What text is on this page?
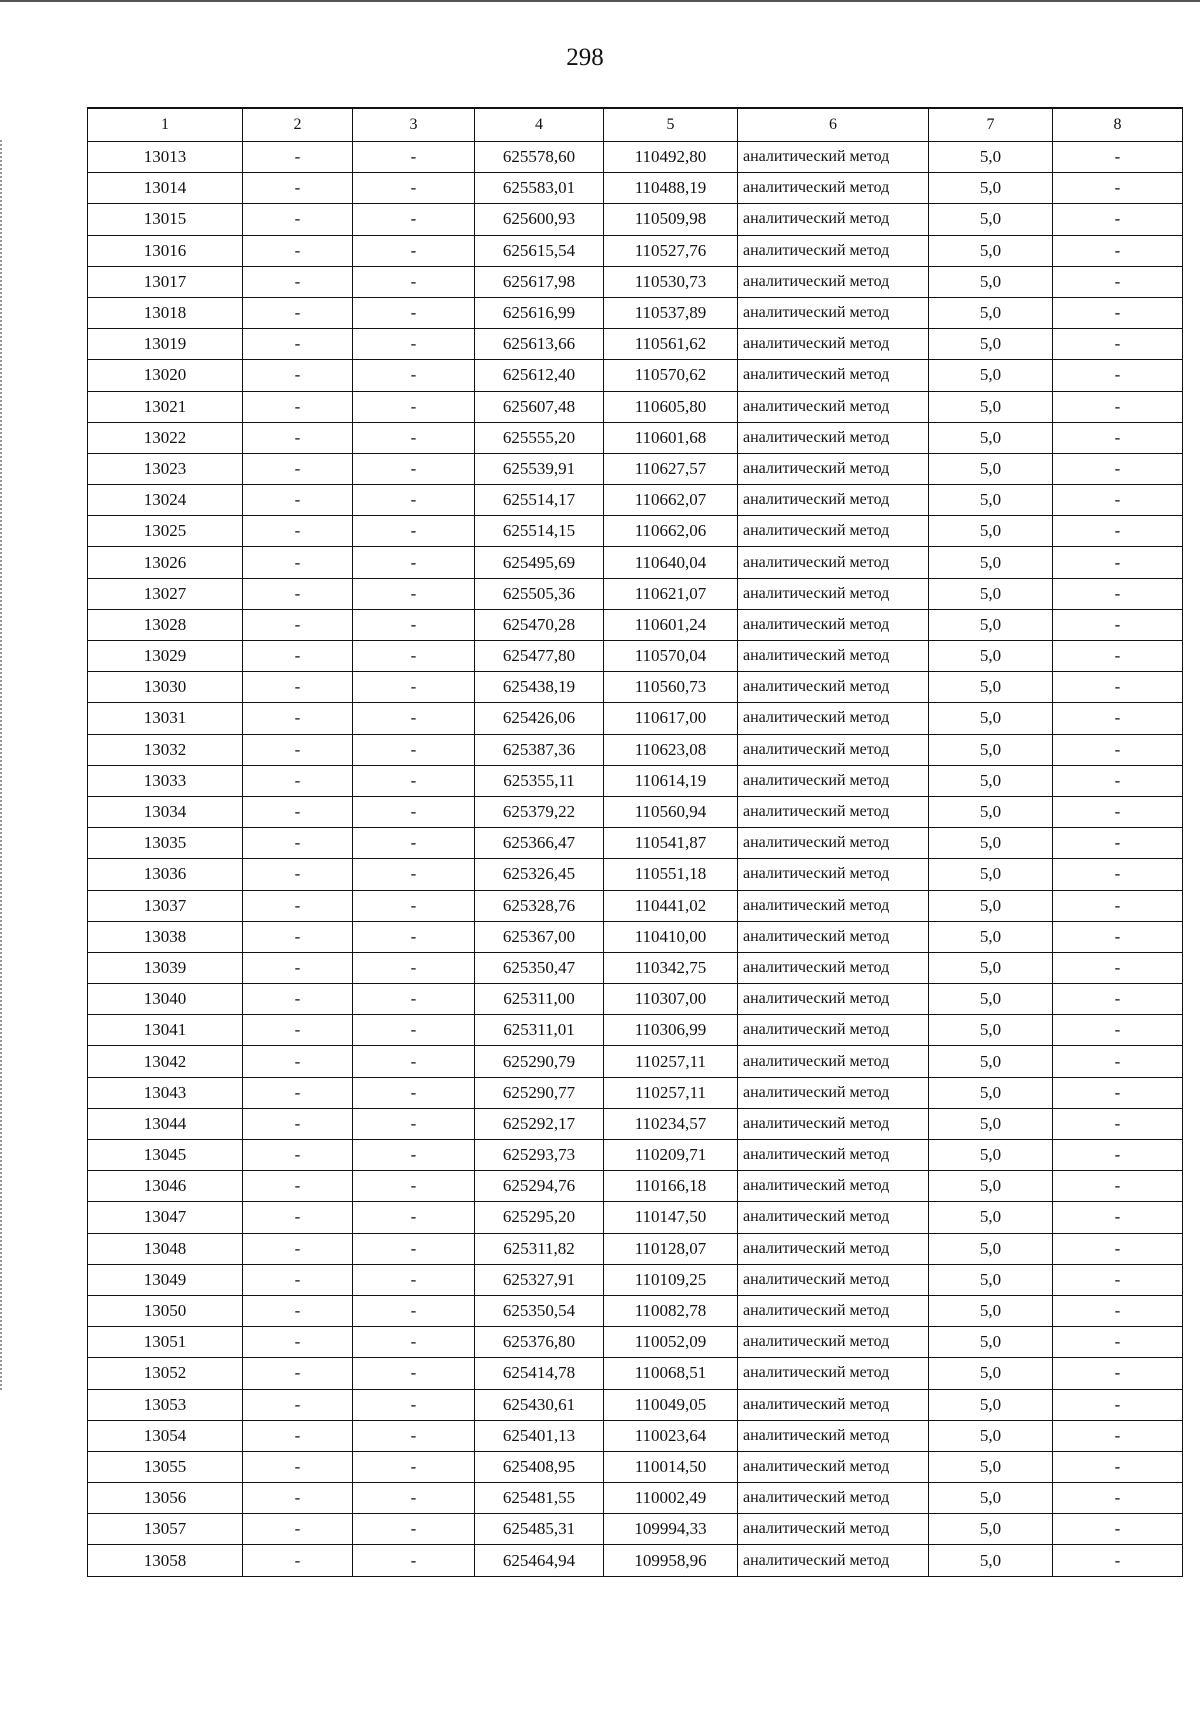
298
1	2	3	4	5	6	7	8
13013	-	-	625578,60	110492,80	аналитический метод	5,0	-
13014	-	-	625583,01	110488,19	аналитический метод	5,0	-
13015	-	-	625600,93	110509,98	аналитический метод	5,0	-
13016	-	-	625615,54	110527,76	аналитический метод	5,0	-
13017	-	-	625617,98	110530,73	аналитический метод	5,0	-
13018	-	-	625616,99	110537,89	аналитический метод	5,0	-
13019	-	-	625613,66	110561,62	аналитический метод	5,0	-
13020	-	-	625612,40	110570,62	аналитический метод	5,0	-
13021	-	-	625607,48	110605,80	аналитический метод	5,0	-
13022	-	-	625555,20	110601,68	аналитический метод	5,0	-
13023	-	-	625539,91	110627,57	аналитический метод	5,0	-
13024	-	-	625514,17	110662,07	аналитический метод	5,0	-
13025	-	-	625514,15	110662,06	аналитический метод	5,0	-
13026	-	-	625495,69	110640,04	аналитический метод	5,0	-
13027	-	-	625505,36	110621,07	аналитический метод	5,0	-
13028	-	-	625470,28	110601,24	аналитический метод	5,0	-
13029	-	-	625477,80	110570,04	аналитический метод	5,0	-
13030	-	-	625438,19	110560,73	аналитический метод	5,0	-
13031	-	-	625426,06	110617,00	аналитический метод	5,0	-
13032	-	-	625387,36	110623,08	аналитический метод	5,0	-
13033	-	-	625355,11	110614,19	аналитический метод	5,0	-
13034	-	-	625379,22	110560,94	аналитический метод	5,0	-
13035	-	-	625366,47	110541,87	аналитический метод	5,0	-
13036	-	-	625326,45	110551,18	аналитический метод	5,0	-
13037	-	-	625328,76	110441,02	аналитический метод	5,0	-
13038	-	-	625367,00	110410,00	аналитический метод	5,0	-
13039	-	-	625350,47	110342,75	аналитический метод	5,0	-
13040	-	-	625311,00	110307,00	аналитический метод	5,0	-
13041	-	-	625311,01	110306,99	аналитический метод	5,0	-
13042	-	-	625290,79	110257,11	аналитический метод	5,0	-
13043	-	-	625290,77	110257,11	аналитический метод	5,0	-
13044	-	-	625292,17	110234,57	аналитический метод	5,0	-
13045	-	-	625293,73	110209,71	аналитический метод	5,0	-
13046	-	-	625294,76	110166,18	аналитический метод	5,0	-
13047	-	-	625295,20	110147,50	аналитический метод	5,0	-
13048	-	-	625311,82	110128,07	аналитический метод	5,0	-
13049	-	-	625327,91	110109,25	аналитический метод	5,0	-
13050	-	-	625350,54	110082,78	аналитический метод	5,0	-
13051	-	-	625376,80	110052,09	аналитический метод	5,0	-
13052	-	-	625414,78	110068,51	аналитический метод	5,0	-
13053	-	-	625430,61	110049,05	аналитический метод	5,0	-
13054	-	-	625401,13	110023,64	аналитический метод	5,0	-
13055	-	-	625408,95	110014,50	аналитический метод	5,0	-
13056	-	-	625481,55	110002,49	аналитический метод	5,0	-
13057	-	-	625485,31	109994,33	аналитический метод	5,0	-
13058	-	-	625464,94	109958,96	аналитический метод	5,0	-
